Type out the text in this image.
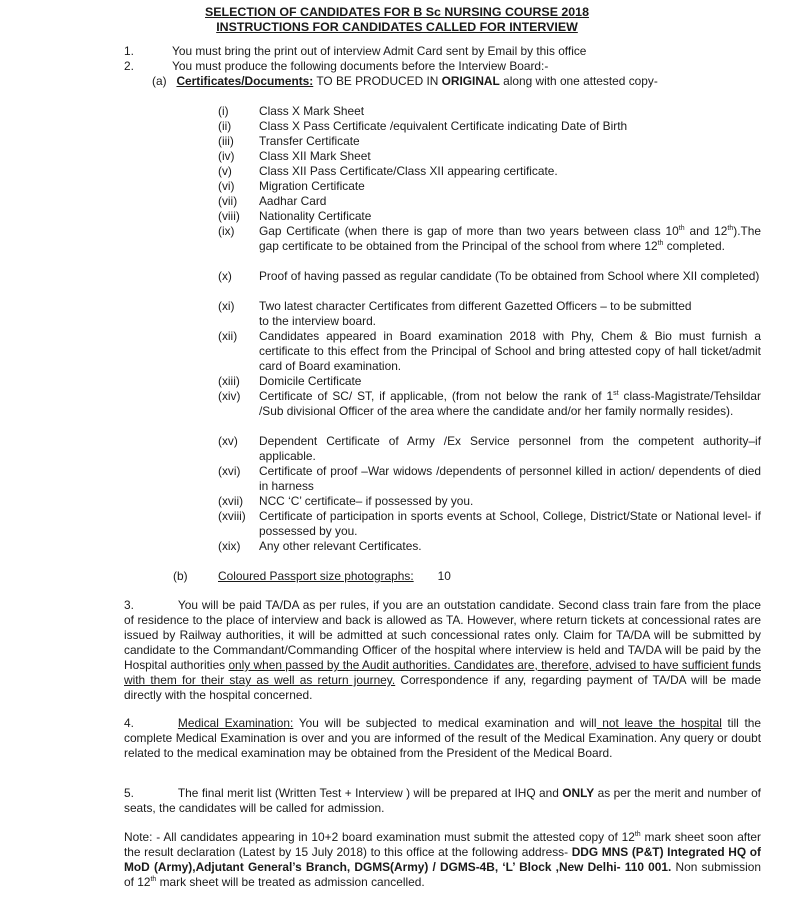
SELECTION OF CANDIDATES FOR B Sc NURSING COURSE 2018
INSTRUCTIONS FOR CANDIDATES CALLED FOR INTERVIEW
1.	You must bring the print out of interview Admit Card sent by Email by this office
2.	You must produce the following documents before the Interview Board:-
(a) Certificates/Documents: TO BE PRODUCED IN ORIGINAL along with one attested copy-
(i)	Class X Mark Sheet
(ii) Class X Pass Certificate /equivalent Certificate indicating Date of Birth
(iii) Transfer Certificate
(iv) Class XII Mark Sheet
(v) Class XII Pass Certificate/Class XII appearing certificate.
(vi) Migration Certificate
(vii) Aadhar Card
(viii) Nationality Certificate
(ix) Gap Certificate (when there is gap of more than two years between class 10th and 12th).The gap certificate to be obtained from the Principal of the school from where 12th completed.
(x) Proof of having passed as regular candidate (To be obtained from School where XII completed)
(xi) Two latest character Certificates from different Gazetted Officers – to be submitted to the interview board.
(xii) Candidates appeared in Board examination 2018 with Phy, Chem & Bio must furnish a certificate to this effect from the Principal of School and bring attested copy of hall ticket/admit card of Board examination.
(xiii) Domicile Certificate
(xiv) Certificate of SC/ ST, if applicable, (from not below the rank of 1st class-Magistrate/Tehsildar /Sub divisional Officer of the area where the candidate and/or her family normally resides).
(xv) Dependent Certificate of Army /Ex Service personnel from the competent authority–if applicable.
(xvi) Certificate of proof –War widows /dependents of personnel killed in action/ dependents of died in harness
(xvii) NCC ‘C’ certificate– if possessed by you.
(xviii) Certificate of participation in sports events at School, College, District/State or National level- if possessed by you.
(xix) Any other relevant Certificates.
(b)	Coloured Passport size photographs: 10
3.	You will be paid TA/DA as per rules, if you are an outstation candidate. Second class train fare from the place of residence to the place of interview and back is allowed as TA. However, where return tickets at concessional rates are issued by Railway authorities, it will be admitted at such concessional rates only. Claim for TA/DA will be submitted by candidate to the Commandant/Commanding Officer of the hospital where interview is held and TA/DA will be paid by the Hospital authorities only when passed by the Audit authorities. Candidates are, therefore, advised to have sufficient funds with them for their stay as well as return journey. Correspondence if any, regarding payment of TA/DA will be made directly with the hospital concerned.
4.	Medical Examination: You will be subjected to medical examination and will not leave the hospital till the complete Medical Examination is over and you are informed of the result of the Medical Examination. Any query or doubt related to the medical examination may be obtained from the President of the Medical Board.
5.	The final merit list (Written Test + Interview ) will be prepared at IHQ and ONLY as per the merit and number of seats, the candidates will be called for admission.
Note: - All candidates appearing in 10+2 board examination must submit the attested copy of 12th mark sheet soon after the result declaration (Latest by 15 July 2018) to this office at the following address- DDG MNS (P&T) Integrated HQ of MoD (Army),Adjutant General’s Branch, DGMS(Army) / DGMS-4B, ‘L’ Block ,New Delhi- 110 001. Non submission of 12th mark sheet will be treated as admission cancelled.
